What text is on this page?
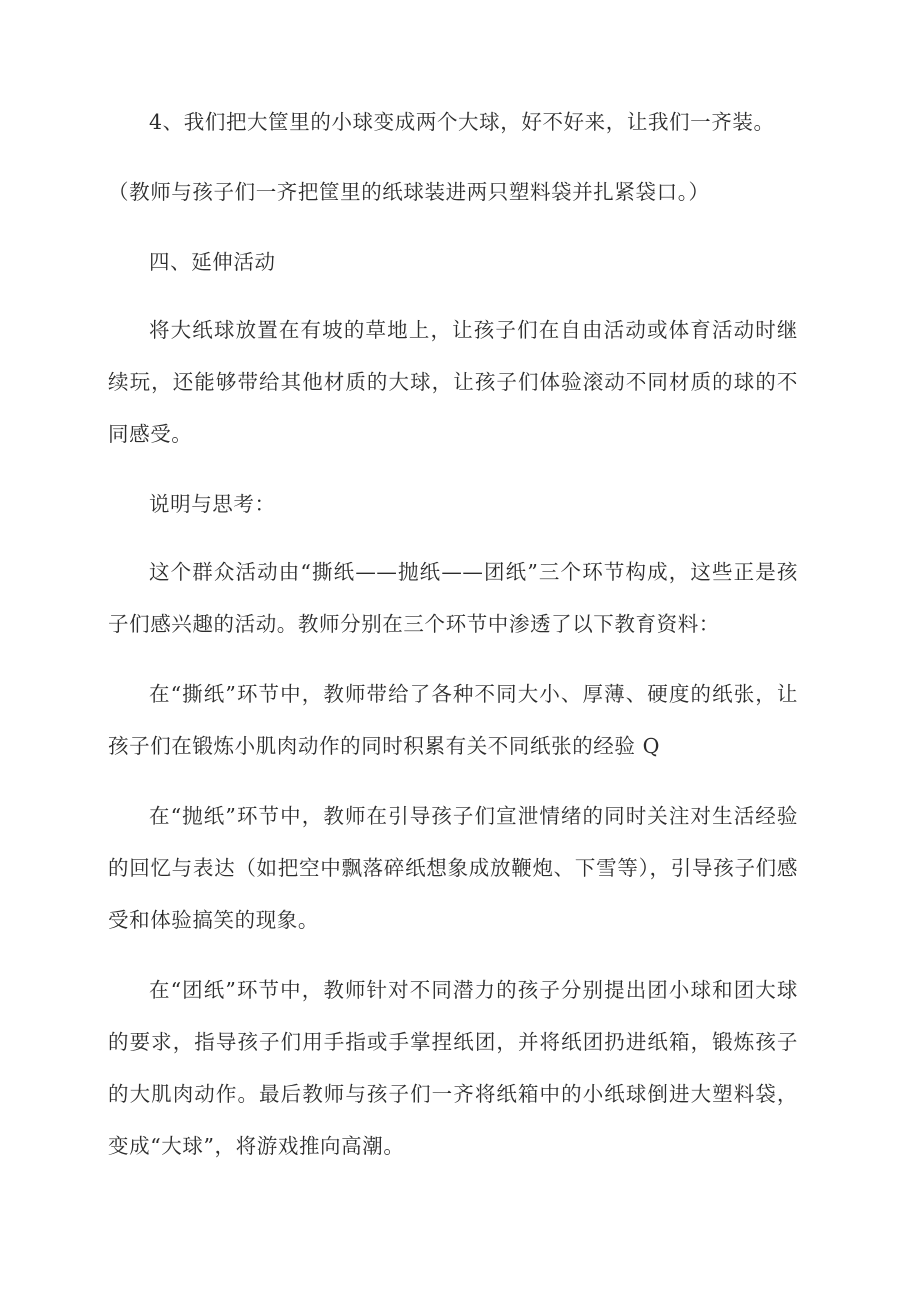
4、我们把大筐里的小球变成两个大球，好不好来，让我们一齐装。

（教师与孩子们一齐把筐里的纸球装进两只塑料袋并扎紧袋口。）

四、延伸活动

将大纸球放置在有坡的草地上，让孩子们在自由活动或体育活动时继续玩，还能够带给其他材质的大球，让孩子们体验滚动不同材质的球的不同感受。

说明与思考：

这个群众活动由“撕纸——抛纸——团纸”三个环节构成，这些正是孩子们感兴趣的活动。教师分别在三个环节中渗透了以下教育资料：

在“撕纸”环节中，教师带给了各种不同大小、厚薄、硬度的纸张，让孩子们在锻炼小肌肉动作的同时积累有关不同纸张的经验 Q

在“抛纸”环节中，教师在引导孩子们宣泄情绪的同时关注对生活经验的回忆与表达（如把空中飘落碎纸想象成放鞭炮、下雪等），引导孩子们感受和体验搞笑的现象。

在“团纸”环节中，教师针对不同潜力的孩子分别提出团小球和团大球的要求，指导孩子们用手指或手掌捏纸团，并将纸团扔进纸箱，锻炼孩子的大肌肉动作。最后教师与孩子们一齐将纸箱中的小纸球倒进大塑料袋，变成“大球”，将游戏推向高潮。
